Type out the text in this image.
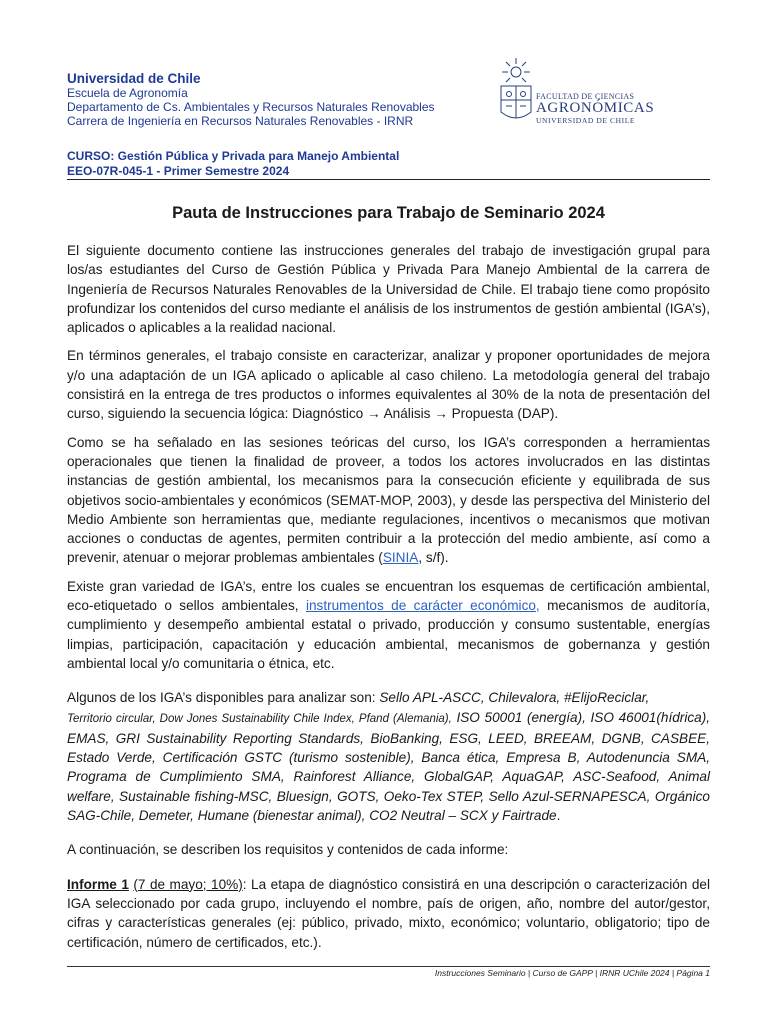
Universidad de Chile
Escuela de Agronomía
Departamento de Cs. Ambientales y Recursos Naturales Renovables
Carrera de Ingeniería en Recursos Naturales Renovables - IRNR
FACULTAD DE CIENCIAS
AGRONÓMICAS
UNIVERSIDAD DE CHILE
CURSO: Gestión Pública y Privada para Manejo Ambiental
EEO-07R-045-1 - Primer Semestre 2024
Pauta de Instrucciones para Trabajo de Seminario 2024

El siguiente documento contiene las instrucciones generales del trabajo de investigación grupal para los/as estudiantes del Curso de Gestión Pública y Privada Para Manejo Ambiental de la carrera de Ingeniería de Recursos Naturales Renovables de la Universidad de Chile. El trabajo tiene como propósito profundizar los contenidos del curso mediante el análisis de los instrumentos de gestión ambiental (IGA’s), aplicados o aplicables a la realidad nacional.

En términos generales, el trabajo consiste en caracterizar, analizar y proponer oportunidades de mejora y/o una adaptación de un IGA aplicado o aplicable al caso chileno. La metodología general del trabajo consistirá en la entrega de tres productos o informes equivalentes al 30% de la nota de presentación del curso, siguiendo la secuencia lógica: Diagnóstico → Análisis → Propuesta (DAP).

Como se ha señalado en las sesiones teóricas del curso, los IGA’s corresponden a herramientas operacionales que tienen la finalidad de proveer, a todos los actores involucrados en las distintas instancias de gestión ambiental, los mecanismos para la consecución eficiente y equilibrada de sus objetivos socio-ambientales y económicos (SEMAT-MOP, 2003), y desde las perspectiva del Ministerio del Medio Ambiente son herramientas que, mediante regulaciones, incentivos o mecanismos que motivan acciones o conductas de agentes, permiten contribuir a la protección del medio ambiente, así como a prevenir, atenuar o mejorar problemas ambientales (SINIA, s/f).

Existe gran variedad de IGA’s, entre los cuales se encuentran los esquemas de certificación ambiental, eco-etiquetado o sellos ambientales, instrumentos de carácter económico, mecanismos de auditoría, cumplimiento y desempeño ambiental estatal o privado, producción y consumo sustentable, energías limpias, participación, capacitación y educación ambiental, mecanismos de gobernanza y gestión ambiental local y/o comunitaria o étnica, etc.

Algunos de los IGA’s disponibles para analizar son: Sello APL-ASCC, Chilevalora, #ElijoReciclar,
Territorio circular, Dow Jones Sustainability Chile Index, Pfand (Alemania), ISO 50001 (energía), ISO 46001(hídrica), EMAS, GRI Sustainability Reporting Standards, BioBanking, ESG, LEED, BREEAM, DGNB, CASBEE, Estado Verde, Certificación GSTC (turismo sostenible), Banca ética, Empresa B, Autodenuncia SMA, Programa de Cumplimiento SMA, Rainforest Alliance, GlobalGAP, AquaGAP, ASC-Seafood, Animal welfare, Sustainable fishing-MSC, Bluesign, GOTS, Oeko-Tex STEP, Sello Azul-SERNAPESCA, Orgánico SAG-Chile, Demeter, Humane (bienestar animal), CO2 Neutral – SCX y Fairtrade.

A continuación, se describen los requisitos y contenidos de cada informe:

Informe 1 (7 de mayo; 10%): La etapa de diagnóstico consistirá en una descripción o caracterización del IGA seleccionado por cada grupo, incluyendo el nombre, país de origen, año, nombre del autor/gestor, cifras y características generales (ej: público, privado, mixto, económico; voluntario, obligatorio; tipo de certificación, número de certificados, etc.).

Instrucciones Seminario | Curso de GAPP | IRNR UChile 2024 | Página 1
